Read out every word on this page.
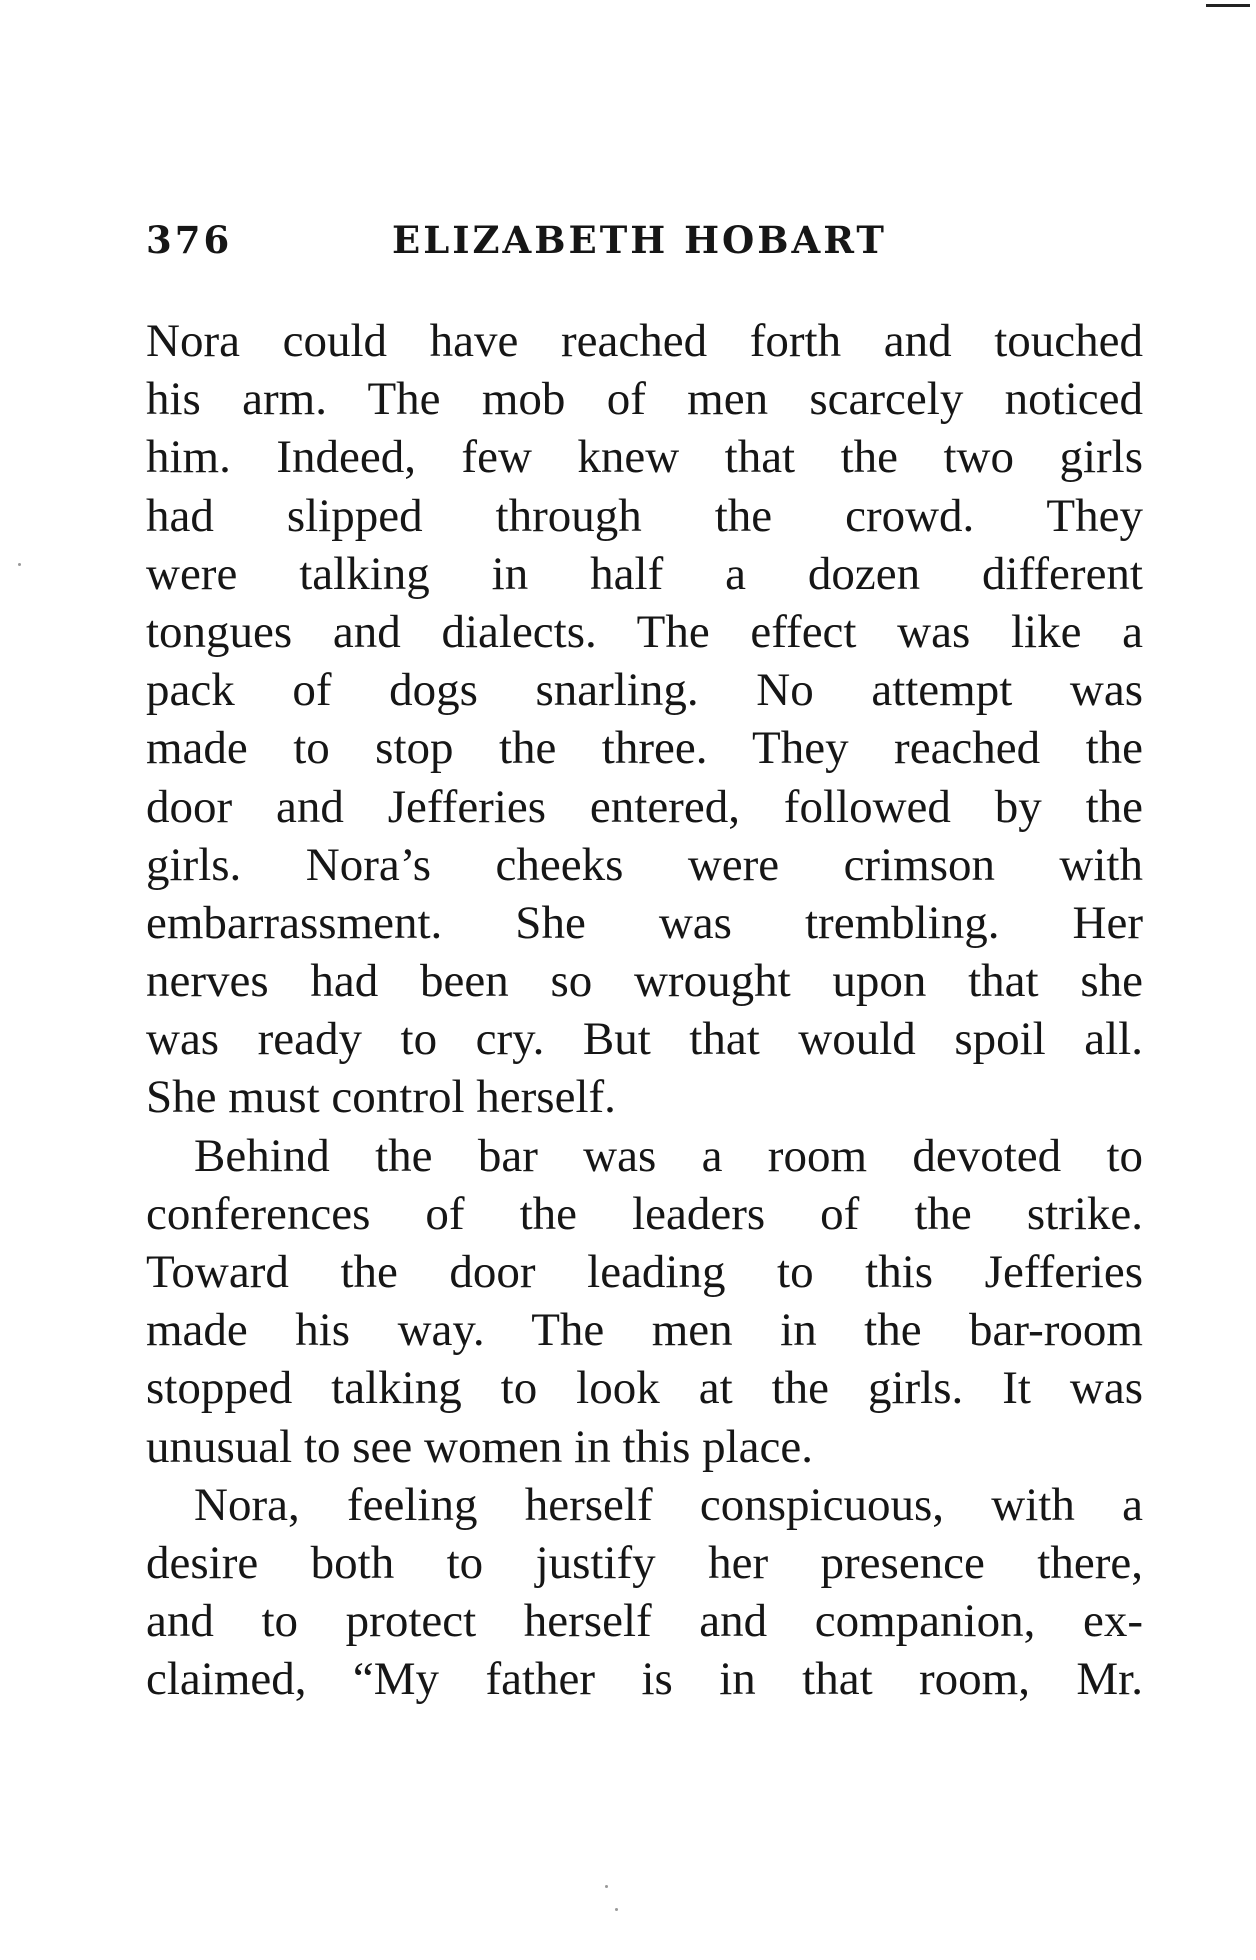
376	ELIZABETH HOBART
Nora could have reached forth and touched
his arm. The mob of men scarcely noticed
him. Indeed, few knew that the two girls
had slipped through the crowd. They
were talking in half a dozen different
tongues and dialects. The effect was like a
pack of dogs snarling. No attempt was
made to stop the three. They reached the
door and Jefferies entered, followed by the
girls. Nora’s cheeks were crimson with
embarrassment. She was trembling. Her
nerves had been so wrought upon that she
was ready to cry. But that would spoil all.
She must control herself.
Behind the bar was a room devoted to
conferences of the leaders of the strike.
Toward the door leading to this Jefferies
made his way. The men in the bar-room
stopped talking to look at the girls. It was
unusual to see women in this place.
Nora, feeling herself conspicuous, with a
desire both to justify her presence there,
and to protect herself and companion, ex-
claimed, “My father is in that room, Mr.
